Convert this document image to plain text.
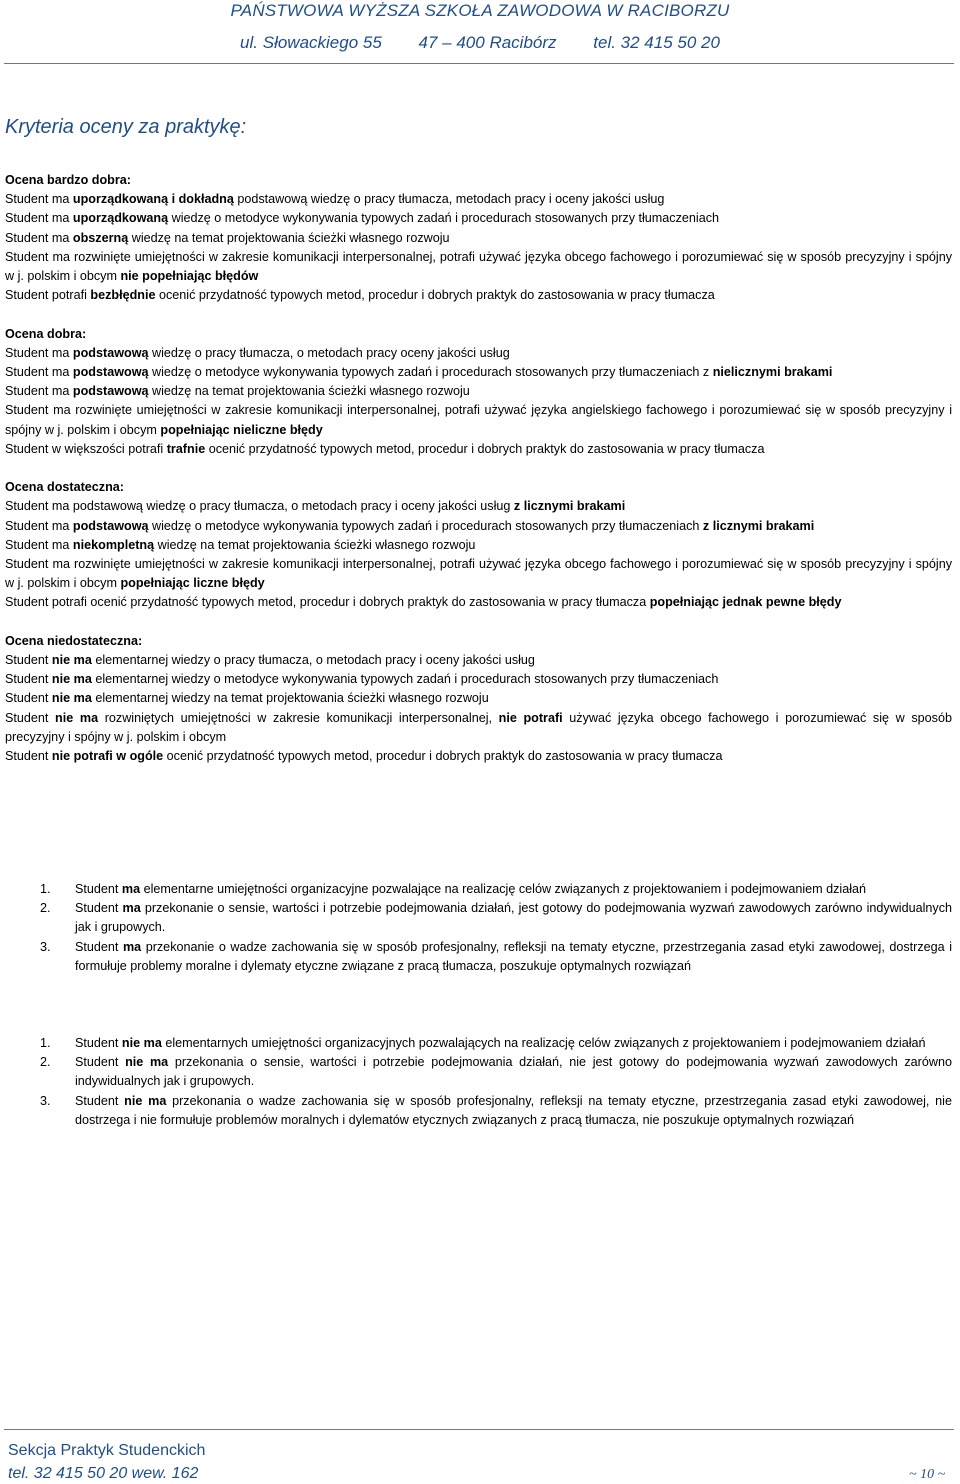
PAŃSTWOWA WYŻSZA SZKOŁA ZAWODOWA W RACIBORZU
ul. Słowackiego 55 47 – 400 Racibórz tel. 32 415 50 20
Kryteria oceny za praktykę:
Ocena bardzo dobra:
Student ma uporządkowaną i dokładną podstawową wiedzę o pracy tłumacza, metodach pracy i oceny jakości usług
Student ma uporządkowaną wiedzę o metodyce wykonywania typowych zadań i procedurach stosowanych przy tłumaczeniach
Student ma obszerną wiedzę na temat projektowania ścieżki własnego rozwoju
Student ma rozwinięte umiejętności w zakresie komunikacji interpersonalnej, potrafi używać języka obcego fachowego i porozumiewać się w sposób precyzyjny i spójny w j. polskim i obcym nie popełniając błędów
Student potrafi bezbłędnie ocenić przydatność typowych metod, procedur i dobrych praktyk do zastosowania w pracy tłumacza
Ocena dobra:
Student ma podstawową wiedzę o pracy tłumacza, o metodach pracy oceny jakości usług
Student ma podstawową wiedzę o metodyce wykonywania typowych zadań i procedurach stosowanych przy tłumaczeniach z nielicznymi brakami
Student ma podstawową wiedzę na temat projektowania ścieżki własnego rozwoju
Student ma rozwinięte umiejętności w zakresie komunikacji interpersonalnej, potrafi używać języka angielskiego fachowego i porozumiewać się w sposób precyzyjny i spójny w j. polskim i obcym popełniając nieliczne błędy
Student w większości potrafi trafnie ocenić przydatność typowych metod, procedur i dobrych praktyk do zastosowania w pracy tłumacza
Ocena dostateczna:
Student ma podstawową wiedzę o pracy tłumacza, o metodach pracy i oceny jakości usług z licznymi brakami
Student ma podstawową wiedzę o metodyce wykonywania typowych zadań i procedurach stosowanych przy tłumaczeniach z licznymi brakami
Student ma niekompletną wiedzę na temat projektowania ścieżki własnego rozwoju
Student ma rozwinięte umiejętności w zakresie komunikacji interpersonalnej, potrafi używać języka obcego fachowego i porozumiewać się w sposób precyzyjny i spójny w j. polskim i obcym popełniając liczne błędy
Student potrafi ocenić przydatność typowych metod, procedur i dobrych praktyk do zastosowania w pracy tłumacza popełniając jednak pewne błędy
Ocena niedostateczna:
Student nie ma elementarnej wiedzy o pracy tłumacza, o metodach pracy i oceny jakości usług
Student nie ma elementarnej wiedzy o metodyce wykonywania typowych zadań i procedurach stosowanych przy tłumaczeniach
Student nie ma elementarnej wiedzy na temat projektowania ścieżki własnego rozwoju
Student nie ma rozwiniętych umiejętności w zakresie komunikacji interpersonalnej, nie potrafi używać języka obcego fachowego i porozumiewać się w sposób precyzyjny i spójny w j. polskim i obcym
Student nie potrafi w ogóle ocenić przydatność typowych metod, procedur i dobrych praktyk do zastosowania w pracy tłumacza
1. Student ma elementarne umiejętności organizacyjne pozwalające na realizację celów związanych z projektowaniem i podejmowaniem działań
2. Student ma przekonanie o sensie, wartości i potrzebie podejmowania działań, jest gotowy do podejmowania wyzwań zawodowych zarówno indywidualnych jak i grupowych.
3. Student ma przekonanie o wadze zachowania się w sposób profesjonalny, refleksji na tematy etyczne, przestrzegania zasad etyki zawodowej, dostrzega i formułuje problemy moralne i dylematy etyczne związane z pracą tłumacza, poszukuje optymalnych rozwiązań
1. Student nie ma elementarnych umiejętności organizacyjnych pozwalających na realizację celów związanych z projektowaniem i podejmowaniem działań
2. Student nie ma przekonania o sensie, wartości i potrzebie podejmowania działań, nie jest gotowy do podejmowania wyzwań zawodowych zarówno indywidualnych jak i grupowych.
3. Student nie ma przekonania o wadze zachowania się w sposób profesjonalny, refleksji na tematy etyczne, przestrzegania zasad etyki zawodowej, nie dostrzega i nie formułuje problemów moralnych i dylematów etycznych związanych z pracą tłumacza, nie poszukuje optymalnych rozwiązań
Sekcja Praktyk Studenckich
tel. 32 415 50 20 wew. 162	~ 10 ~
